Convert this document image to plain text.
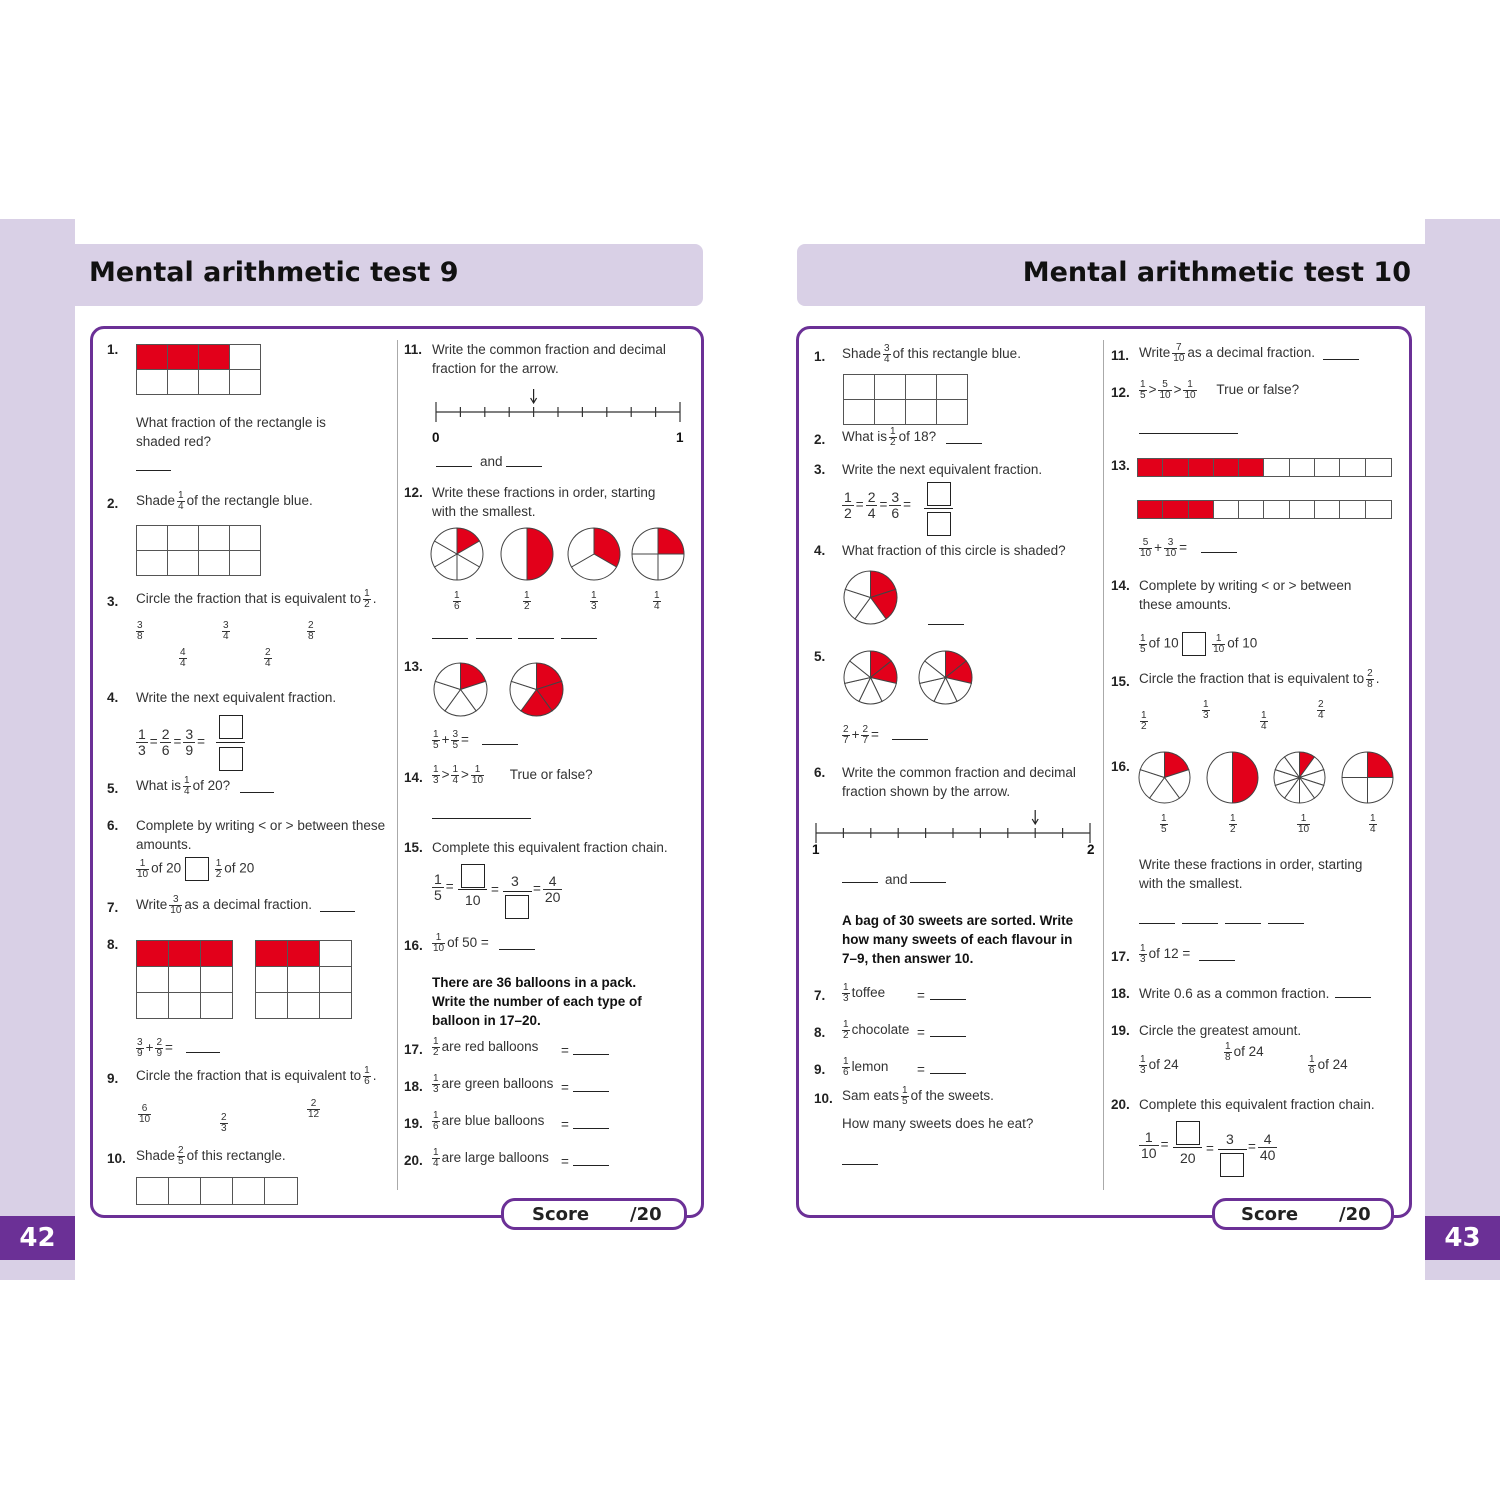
Mental arithmetic test 9	Mental arithmetic test 10
42	43
Score /20	Score /20
1.

What fraction of the rectangle is
shaded red?
2. Shade $\frac{1}{4}$ of the rectangle blue.

3. Circle the fraction that is equivalent to $\frac{1}{2}$ .
$\frac{3}{8}$	$\frac{3}{4}$	$\frac{2}{8}$
$\frac{4}{4}$	$\frac{2}{4}$
4. Write the next equivalent fraction.
$\frac{1}{3} = \frac{2}{6} = \frac{3}{9}$ =
5. What is $\frac{1}{4}$ of 20?
6. Complete by writing < or > between these
amounts.
$\frac{1}{10}$ of 20	$\frac{1}{2}$ of 20
7. Write $\frac{3}{10}$ as a decimal fraction.
8.

$\frac{3}{9} + \frac{2}{9}$ =
9. Circle the fraction that is equivalent to $\frac{1}{6}$ .
$\frac{6}{10}$	$\frac{2}{3}$
$\frac{2}{12}$
10. Shade $\frac{2}{5}$ of this rectangle.
11. Write the common fraction and decimal
fraction for the arrow.
0	1
and
12. Write these fractions in order, starting
with the smallest.
$\frac{1}{6}$	$\frac{1}{2}$	$\frac{1}{3}$	$\frac{1}{4}$
13.
$\frac{1}{5} + \frac{3}{5}$ =
14. $\frac{1}{3} > \frac{1}{4} > \frac{1}{10}$ True or false?
15. Complete this equivalent fraction chain.
$\frac{1}{5}$ =
10
=
$3 = \frac{4}{20}$
16. $\frac{1}{10}$ of 50 =
There are 36 balloons in a pack.
Write the number of each type of
balloon in 17–20.
17. $\frac{1}{2}$ are red balloons =
18. $\frac{1}{3}$ are green balloons =
19. $\frac{1}{6}$ are blue balloons =
20. $\frac{1}{4}$ are large balloons =
1. Shade $\frac{3}{4}$ of this rectangle blue.

2. What is $\frac{1}{2}$ of 18?
3. Write the next equivalent fraction.
$\frac{1}{2} = \frac{2}{4} = \frac{3}{6}$ =
4. What fraction of this circle is shaded?
5.
$\frac{2}{7} + \frac{2}{7}$ =
6. Write the common fraction and decimal
fraction shown by the arrow.
1	2
and
A bag of 30 sweets are sorted. Write
how many sweets of each flavour in
7–9, then answer 10.
7. $\frac{1}{3}$ toffee =
8. $\frac{1}{2}$ chocolate =
9. $\frac{1}{6}$ lemon =
10. Sam eats $\frac{1}{5}$ of the sweets.
How many sweets does he eat?
11. Write $\frac{7}{10}$ as a decimal fraction.
12. $\frac{1}{5} > \frac{5}{10} > \frac{1}{10}$ True or false?
13.
$\frac{5}{10} + \frac{3}{10}$ =
14. Complete by writing < or > between
these amounts.
$\frac{1}{5}$ of 10	$\frac{1}{10}$ of 10
15. Circle the fraction that is equivalent to $\frac{2}{8}$ .
$\frac{1}{2}$
$\frac{1}{3}$
$\frac{1}{4}$
$\frac{2}{4}$
16.
$\frac{1}{5}$	$\frac{1}{2}$	$\frac{1}{10}$	$\frac{1}{4}$
Write these fractions in order, starting
with the smallest.
17. $\frac{1}{3}$ of 12 =
18. Write 0.6 as a common fraction.
19. Circle the greatest amount.
$\frac{1}{3}$ of 24
$\frac{1}{8}$ of 24
$\frac{1}{6}$ of 24
20. Complete this equivalent fraction chain.
$\frac{1}{10}$ =
20
=
$3 = \frac{4}{40}$
